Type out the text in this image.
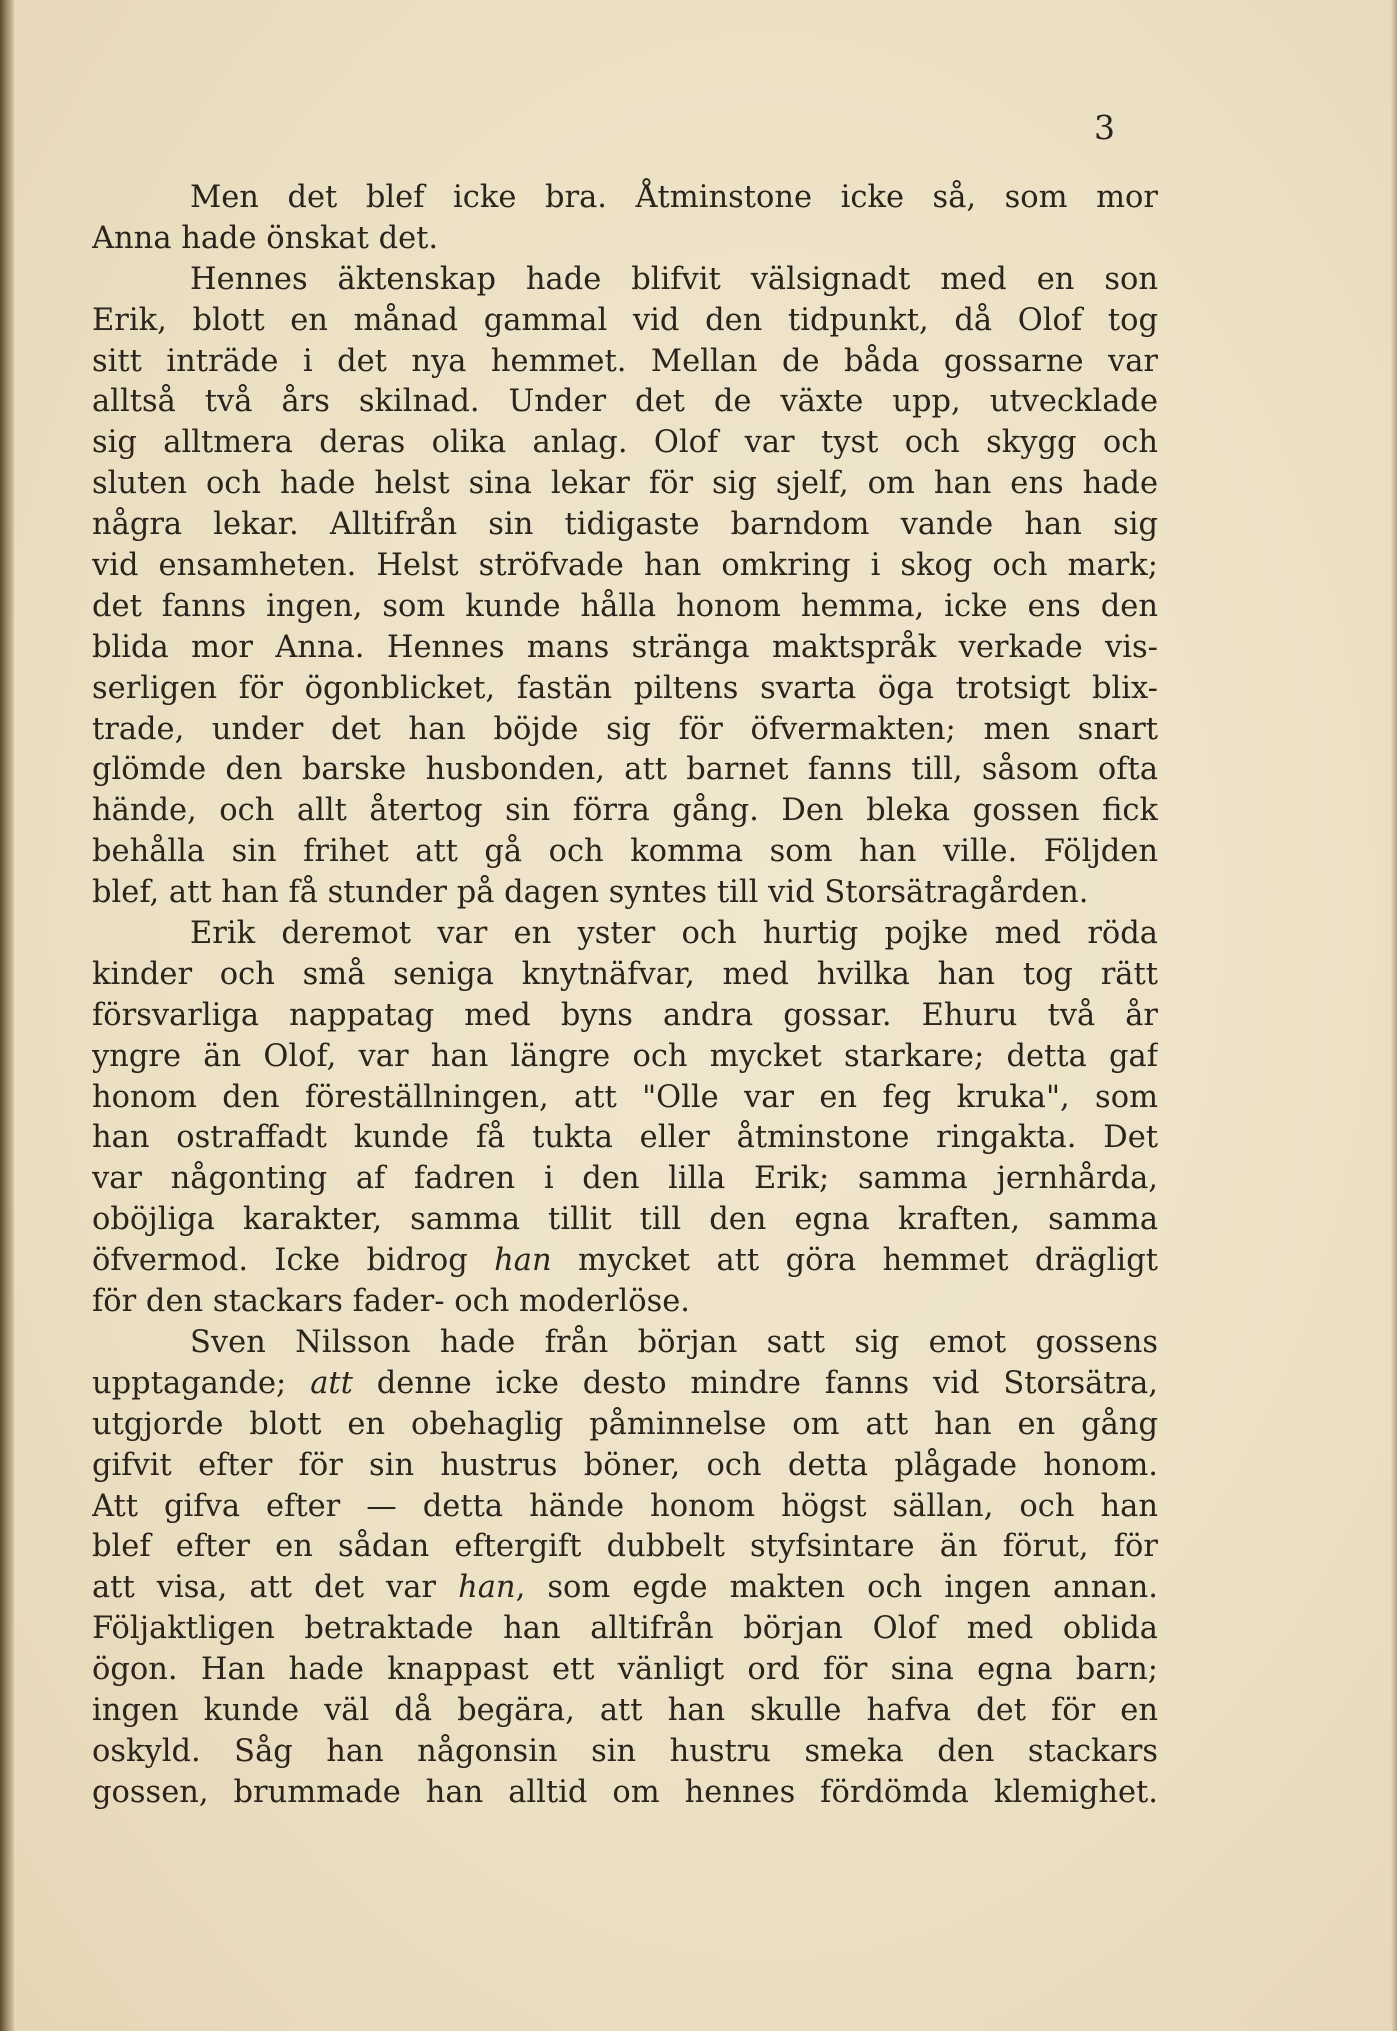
3
Men det blef icke bra. Åtminstone icke så, som mor
Anna hade önskat det.
Hennes äktenskap hade blifvit välsignadt med en son
Erik, blott en månad gammal vid den tidpunkt, då Olof tog
sitt inträde i det nya hemmet. Mellan de båda gossarne var
alltså två års skilnad. Under det de växte upp, utvecklade
sig alltmera deras olika anlag. Olof var tyst och skygg och
sluten och hade helst sina lekar för sig sjelf, om han ens hade
några lekar. Alltifrån sin tidigaste barndom vande han sig
vid ensamheten. Helst ströfvade han omkring i skog och mark;
det fanns ingen, som kunde hålla honom hemma, icke ens den
blida mor Anna. Hennes mans stränga maktspråk verkade vis-
serligen för ögonblicket, fastän piltens svarta öga trotsigt blix-
trade, under det han böjde sig för öfvermakten; men snart
glömde den barske husbonden, att barnet fanns till, såsom ofta
hände, och allt återtog sin förra gång. Den bleka gossen fick
behålla sin frihet att gå och komma som han ville. Följden
blef, att han få stunder på dagen syntes till vid Storsätragården.
Erik deremot var en yster och hurtig pojke med röda
kinder och små seniga knytnäfvar, med hvilka han tog rätt
försvarliga nappatag med byns andra gossar. Ehuru två år
yngre än Olof, var han längre och mycket starkare; detta gaf
honom den föreställningen, att "Olle var en feg kruka", som
han ostraffadt kunde få tukta eller åtminstone ringakta. Det
var någonting af fadren i den lilla Erik; samma jernhårda,
oböjliga karakter, samma tillit till den egna kraften, samma
öfvermod. Icke bidrog han mycket att göra hemmet drägligt
för den stackars fader- och moderlöse.
Sven Nilsson hade från början satt sig emot gossens
upptagande; att denne icke desto mindre fanns vid Storsätra,
utgjorde blott en obehaglig påminnelse om att han en gång
gifvit efter för sin hustrus böner, och detta plågade honom.
Att gifva efter — detta hände honom högst sällan, och han
blef efter en sådan eftergift dubbelt styfsintare än förut, för
att visa, att det var han, som egde makten och ingen annan.
Följaktligen betraktade han alltifrån början Olof med oblida
ögon. Han hade knappast ett vänligt ord för sina egna barn;
ingen kunde väl då begära, att han skulle hafva det för en
oskyld. Såg han någonsin sin hustru smeka den stackars
gossen, brummade han alltid om hennes fördömda klemighet.
